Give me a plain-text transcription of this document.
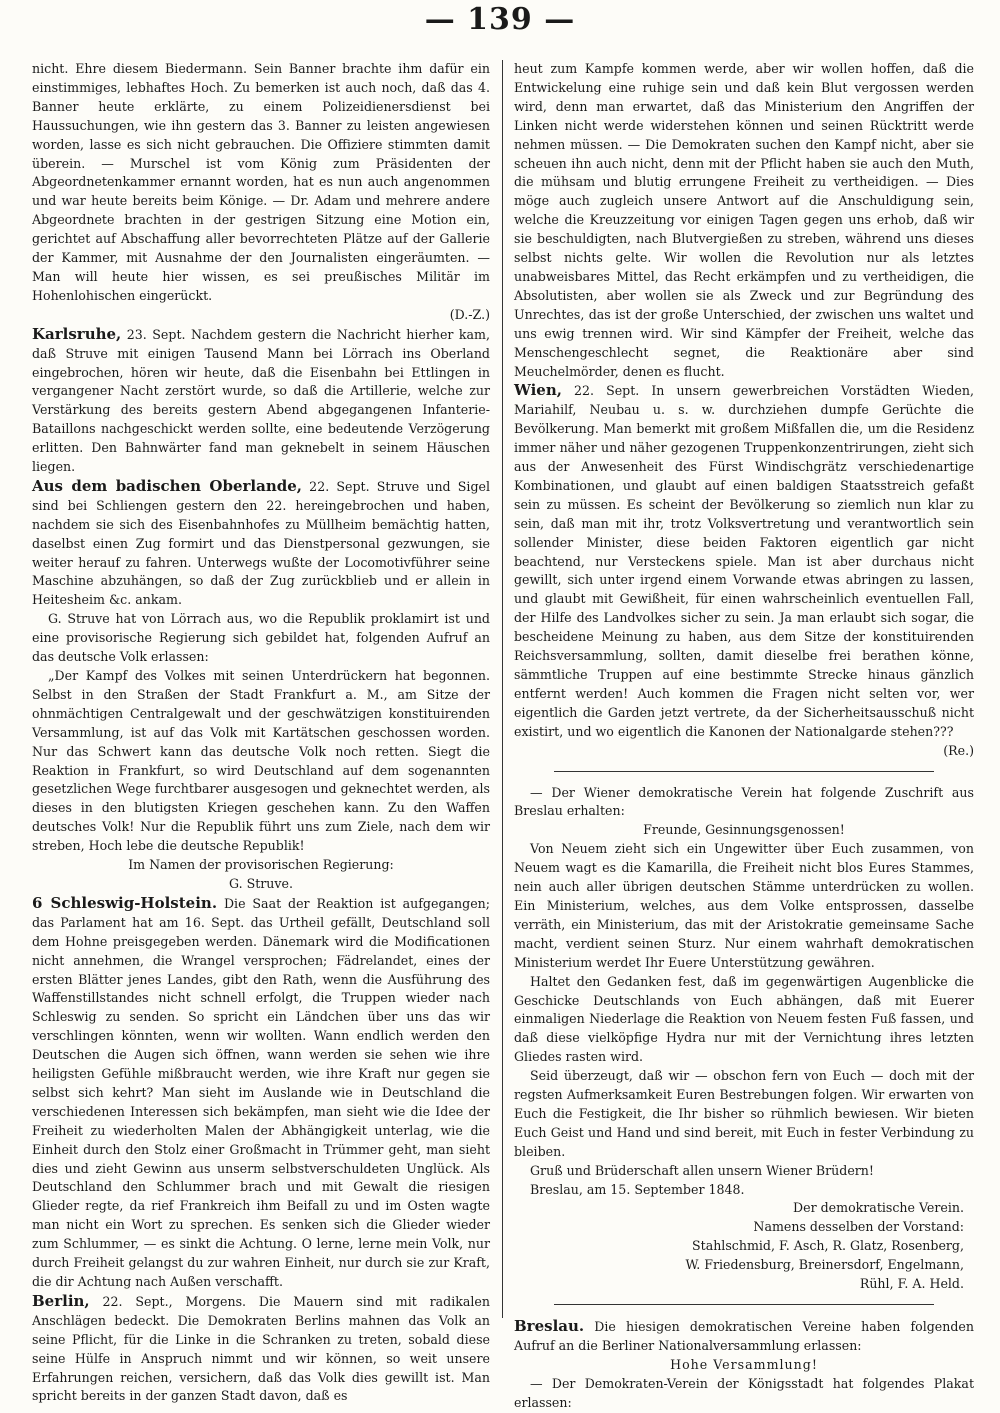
— 139 —

nicht. Ehre diesem Biedermann. Sein Banner brachte ihm dafür ein einstimmiges, lebhaftes Hoch. Zu bemerken ist auch noch, daß das 4. Banner heute erklärte, zu einem Polizeidienersdienst bei Haussuchungen, wie ihn gestern das 3. Banner zu leisten angewiesen worden, lasse es sich nicht gebrauchen. Die Offiziere stimmten damit überein. — Murschel ist vom König zum Präsidenten der Abgeordnetenkammer ernannt worden, hat es nun auch angenommen und war heute bereits beim Könige. — Dr. Adam und mehrere andere Abgeordnete brachten in der gestrigen Sitzung eine Motion ein, gerichtet auf Abschaffung aller bevorrechteten Plätze auf der Gallerie der Kammer, mit Ausnahme der den Journalisten eingeräumten. — Man will heute hier wissen, es sei preußisches Militär im Hohenlohischen eingerückt.

(D.-Z.)

Karlsruhe, 23. Sept. Nachdem gestern die Nachricht hierher kam, daß Struve mit einigen Tausend Mann bei Lörrach ins Oberland eingebrochen, hören wir heute, daß die Eisenbahn bei Ettlingen in vergangener Nacht zerstört wurde, so daß die Artillerie, welche zur Verstärkung des bereits gestern Abend abgegangenen Infanterie-Bataillons nachgeschickt werden sollte, eine bedeutende Verzögerung erlitten. Den Bahnwärter fand man geknebelt in seinem Häuschen liegen.

Aus dem badischen Oberlande, 22. Sept. Struve und Sigel sind bei Schliengen gestern den 22. hereingebrochen und haben, nachdem sie sich des Eisenbahnhofes zu Müllheim bemächtig hatten, daselbst einen Zug formirt und das Dienstpersonal gezwungen, sie weiter herauf zu fahren. Unterwegs wußte der Locomotivführer seine Maschine abzuhängen, so daß der Zug zurückblieb und er allein in Heitesheim &c. ankam.

G. Struve hat von Lörrach aus, wo die Republik proklamirt ist und eine provisorische Regierung sich gebildet hat, folgenden Aufruf an das deutsche Volk erlassen:

„Der Kampf des Volkes mit seinen Unterdrückern hat begonnen. Selbst in den Straßen der Stadt Frankfurt a. M., am Sitze der ohnmächtigen Centralgewalt und der geschwätzigen konstituirenden Versammlung, ist auf das Volk mit Kartätschen geschossen worden. Nur das Schwert kann das deutsche Volk noch retten. Siegt die Reaktion in Frankfurt, so wird Deutschland auf dem sogenannten gesetzlichen Wege furchtbarer ausgesogen und geknechtet werden, als dieses in den blutigsten Kriegen geschehen kann. Zu den Waffen deutsches Volk! Nur die Republik führt uns zum Ziele, nach dem wir streben, Hoch lebe die deutsche Republik!

Im Namen der provisorischen Regierung:

G. Struve.

6 Schleswig-Holstein. Die Saat der Reaktion ist aufgegangen; das Parlament hat am 16. Sept. das Urtheil gefällt, Deutschland soll dem Hohne preisgegeben werden. Dänemark wird die Modificationen nicht annehmen, die Wrangel versprochen; Fädrelandet, eines der ersten Blätter jenes Landes, gibt den Rath, wenn die Ausführung des Waffenstillstandes nicht schnell erfolgt, die Truppen wieder nach Schleswig zu senden. So spricht ein Ländchen über uns das wir verschlingen könnten, wenn wir wollten. Wann endlich werden den Deutschen die Augen sich öffnen, wann werden sie sehen wie ihre heiligsten Gefühle mißbraucht werden, wie ihre Kraft nur gegen sie selbst sich kehrt? Man sieht im Auslande wie in Deutschland die verschiedenen Interessen sich bekämpfen, man sieht wie die Idee der Freiheit zu wiederholten Malen der Abhängigkeit unterlag, wie die Einheit durch den Stolz einer Großmacht in Trümmer geht, man sieht dies und zieht Gewinn aus unserm selbstverschuldeten Unglück. Als Deutschland den Schlummer brach und mit Gewalt die riesigen Glieder regte, da rief Frankreich ihm Beifall zu und im Osten wagte man nicht ein Wort zu sprechen. Es senken sich die Glieder wieder zum Schlummer, — es sinkt die Achtung. O lerne, lerne mein Volk, nur durch Freiheit gelangst du zur wahren Einheit, nur durch sie zur Kraft, die dir Achtung nach Außen verschafft.

Berlin, 22. Sept., Morgens. Die Mauern sind mit radikalen Anschlägen bedeckt. Die Demokraten Berlins mahnen das Volk an seine Pflicht, für die Linke in die Schranken zu treten, sobald diese seine Hülfe in Anspruch nimmt und wir können, so weit unsere Erfahrungen reichen, versichern, daß das Volk dies gewillt ist. Man spricht bereits in der ganzen Stadt davon, daß es

heut zum Kampfe kommen werde, aber wir wollen hoffen, daß die Entwickelung eine ruhige sein und daß kein Blut vergossen werden wird, denn man erwartet, daß das Ministerium den Angriffen der Linken nicht werde widerstehen können und seinen Rücktritt werde nehmen müssen. — Die Demokraten suchen den Kampf nicht, aber sie scheuen ihn auch nicht, denn mit der Pflicht haben sie auch den Muth, die mühsam und blutig errungene Freiheit zu vertheidigen. — Dies möge auch zugleich unsere Antwort auf die Anschuldigung sein, welche die Kreuzzeitung vor einigen Tagen gegen uns erhob, daß wir sie beschuldigten, nach Blutvergießen zu streben, während uns dieses selbst nichts gelte. Wir wollen die Revolution nur als letztes unabweisbares Mittel, das Recht erkämpfen und zu vertheidigen, die Absolutisten, aber wollen sie als Zweck und zur Begründung des Unrechtes, das ist der große Unterschied, der zwischen uns waltet und uns ewig trennen wird. Wir sind Kämpfer der Freiheit, welche das Menschengeschlecht segnet, die Reaktionäre aber sind Meuchelmörder, denen es flucht.

Wien, 22. Sept. In unsern gewerbreichen Vorstädten Wieden, Mariahilf, Neubau u. s. w. durchziehen dumpfe Gerüchte die Bevölkerung. Man bemerkt mit großem Mißfallen die, um die Residenz immer näher und näher gezogenen Truppenkonzentrirungen, zieht sich aus der Anwesenheit des Fürst Windischgrätz verschiedenartige Kombinationen, und glaubt auf einen baldigen Staatsstreich gefaßt sein zu müssen. Es scheint der Bevölkerung so ziemlich nun klar zu sein, daß man mit ihr, trotz Volksvertretung und verantwortlich sein sollender Minister, diese beiden Faktoren eigentlich gar nicht beachtend, nur Versteckens spiele. Man ist aber durchaus nicht gewillt, sich unter irgend einem Vorwande etwas abringen zu lassen, und glaubt mit Gewißheit, für einen wahrscheinlich eventuellen Fall, der Hilfe des Landvolkes sicher zu sein. Ja man erlaubt sich sogar, die bescheidene Meinung zu haben, aus dem Sitze der konstituirenden Reichsversammlung, sollten, damit dieselbe frei berathen könne, sämmtliche Truppen auf eine bestimmte Strecke hinaus gänzlich entfernt werden! Auch kommen die Fragen nicht selten vor, wer eigentlich die Garden jetzt vertrete, da der Sicherheitsausschuß nicht existirt, und wo eigentlich die Kanonen der Nationalgarde stehen???

(Re.)

— Der Wiener demokratische Verein hat folgende Zuschrift aus Breslau erhalten:

Freunde, Gesinnungsgenossen!

Von Neuem zieht sich ein Ungewitter über Euch zusammen, von Neuem wagt es die Kamarilla, die Freiheit nicht blos Eures Stammes, nein auch aller übrigen deutschen Stämme unterdrücken zu wollen. Ein Ministerium, welches, aus dem Volke entsprossen, dasselbe verräth, ein Ministerium, das mit der Aristokratie gemeinsame Sache macht, verdient seinen Sturz. Nur einem wahrhaft demokratischen Ministerium werdet Ihr Euere Unterstützung gewähren.

Haltet den Gedanken fest, daß im gegenwärtigen Augenblicke die Geschicke Deutschlands von Euch abhängen, daß mit Euerer einmaligen Niederlage die Reaktion von Neuem festen Fuß fassen, und daß diese vielköpfige Hydra nur mit der Vernichtung ihres letzten Gliedes rasten wird.

Seid überzeugt, daß wir — obschon fern von Euch — doch mit der regsten Aufmerksamkeit Euren Bestrebungen folgen. Wir erwarten von Euch die Festigkeit, die Ihr bisher so rühmlich bewiesen. Wir bieten Euch Geist und Hand und sind bereit, mit Euch in fester Verbindung zu bleiben.

Gruß und Brüderschaft allen unsern Wiener Brüdern!

Breslau, am 15. September 1848.

Der demokratische Verein.

Namens desselben der Vorstand:

Stahlschmid, F. Asch, R. Glatz, Rosenberg,

W. Friedensburg, Breinersdorf, Engelmann,

Rühl, F. A. Held.

Breslau. Die hiesigen demokratischen Vereine haben folgenden Aufruf an die Berliner Nationalversammlung erlassen:

Hohe Versammlung!

— Der Demokraten-Verein der Königsstadt hat folgendes Plakat erlassen:
